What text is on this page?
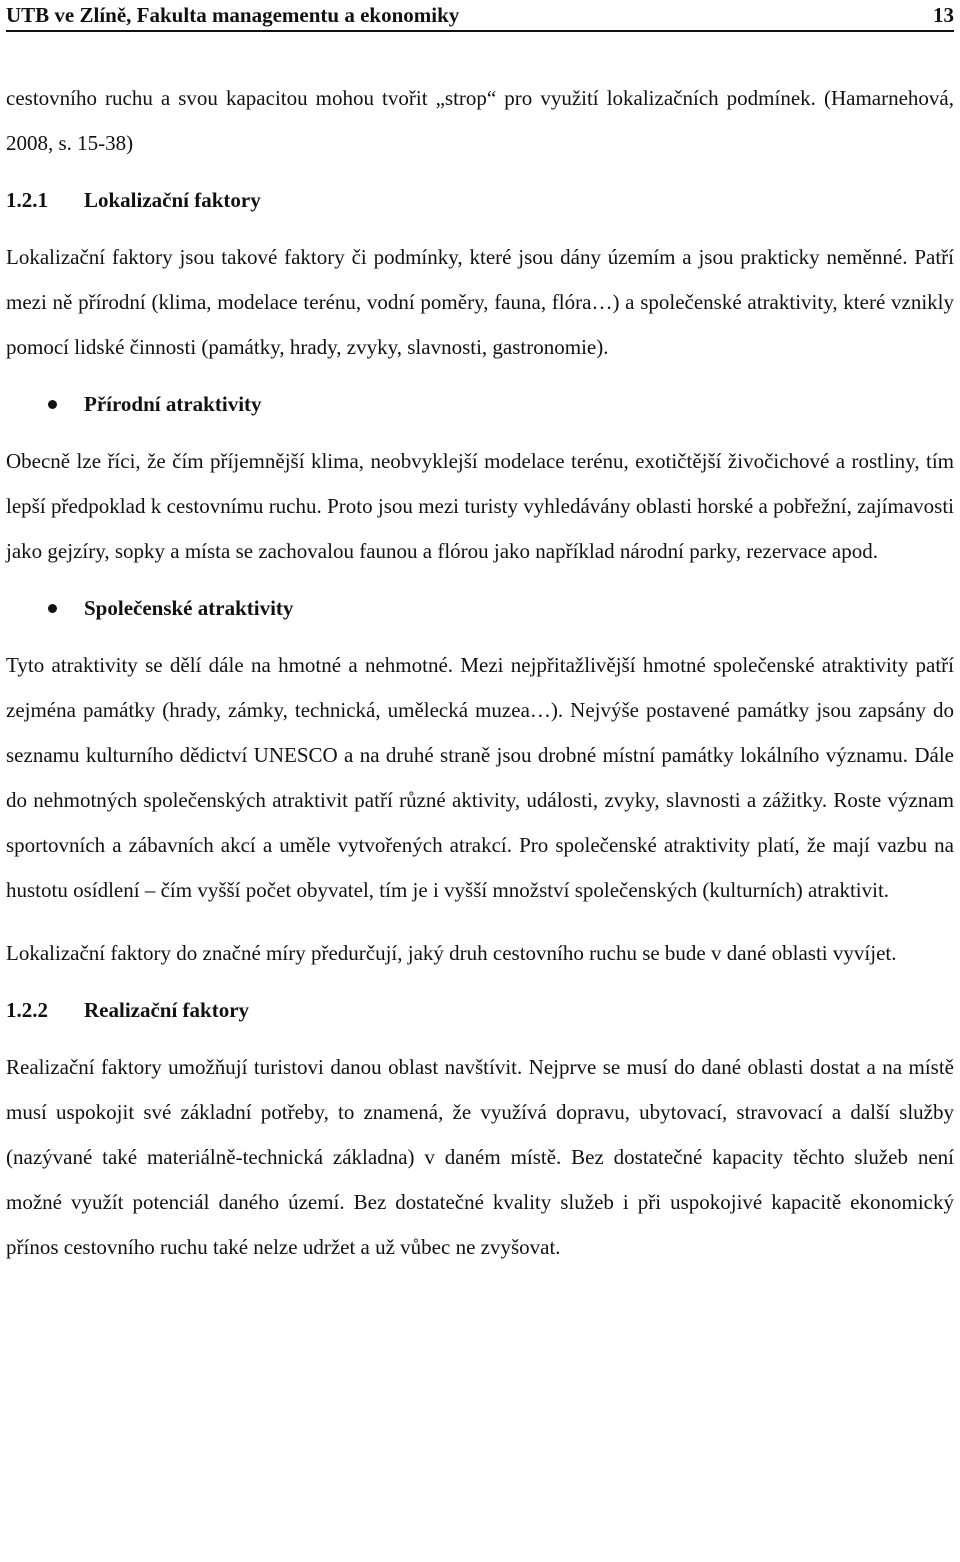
UTB ve Zlíně, Fakulta managementu a ekonomiky	13

cestovního ruchu a svou kapacitou mohou tvořit „strop“ pro využití lokalizačních podmínek. (Hamarnehová, 2008, s. 15-38)

1.2.1 Lokalizační faktory

Lokalizační faktory jsou takové faktory či podmínky, které jsou dány územím a jsou prakticky neměnné. Patří mezi ně přírodní (klima, modelace terénu, vodní poměry, fauna, flóra…) a společenské atraktivity, které vznikly pomocí lidské činnosti (památky, hrady, zvyky, slavnosti, gastronomie).

Přírodní atraktivity

Obecně lze říci, že čím příjemnější klima, neobvyklejší modelace terénu, exotičtější živočichové a rostliny, tím lepší předpoklad k cestovnímu ruchu. Proto jsou mezi turisty vyhledávány oblasti horské a pobřežní, zajímavosti jako gejzíry, sopky a místa se zachovalou faunou a flórou jako například národní parky, rezervace apod.

Společenské atraktivity

Tyto atraktivity se dělí dále na hmotné a nehmotné. Mezi nejpřitažlivější hmotné společenské atraktivity patří zejména památky (hrady, zámky, technická, umělecká muzea…). Nejvýše postavené památky jsou zapsány do seznamu kulturního dědictví UNESCO a na druhé straně jsou drobné místní památky lokálního významu. Dále do nehmotných společenských atraktivit patří různé aktivity, události, zvyky, slavnosti a zážitky. Roste význam sportovních a zábavních akcí a uměle vytvořených atrakcí. Pro společenské atraktivity platí, že mají vazbu na hustotu osídlení – čím vyšší počet obyvatel, tím je i vyšší množství společenských (kulturních) atraktivit.

Lokalizační faktory do značné míry předurčují, jaký druh cestovního ruchu se bude v dané oblasti vyvíjet.

1.2.2 Realizační faktory

Realizační faktory umožňují turistovi danou oblast navštívit. Nejprve se musí do dané oblasti dostat a na místě musí uspokojit své základní potřeby, to znamená, že využívá dopravu, ubytovací, stravovací a další služby (nazývané také materiálně-technická základna) v daném místě. Bez dostatečné kapacity těchto služeb není možné využít potenciál daného území. Bez dostatečné kvality služeb i při uspokojivé kapacitě ekonomický přínos cestovního ruchu také nelze udržet a už vůbec ne zvyšovat.
